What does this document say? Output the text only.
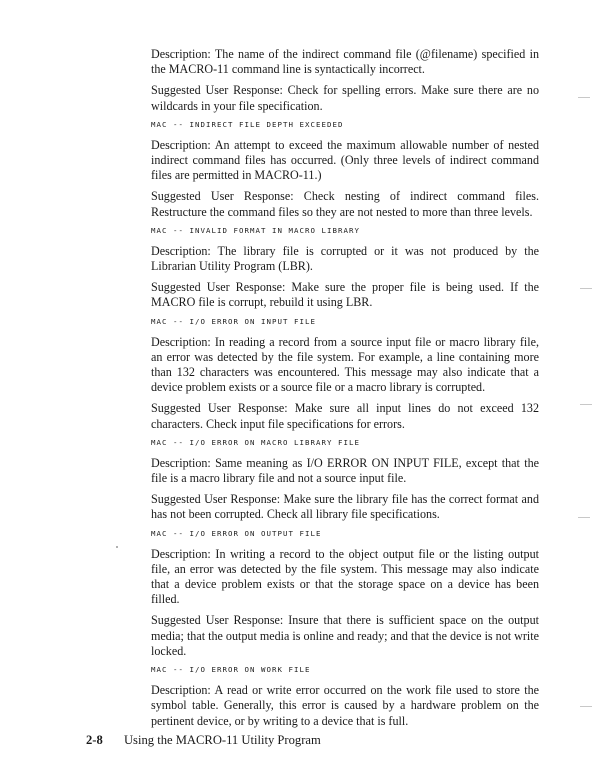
Description: The name of the indirect command file (@filename) specified in the MACRO-11 command line is syntactically incorrect.

Suggested User Response: Check for spelling errors. Make sure there are no wildcards in your file specification.

MAC -- INDIRECT FILE DEPTH EXCEEDED

Description: An attempt to exceed the maximum allowable number of nested indirect command files has occurred. (Only three levels of indirect command files are permitted in MACRO-11.)

Suggested User Response: Check nesting of indirect command files. Restructure the command files so they are not nested to more than three levels.

MAC -- INVALID FORMAT IN MACRO LIBRARY

Description: The library file is corrupted or it was not produced by the Librarian Utility Program (LBR).

Suggested User Response: Make sure the proper file is being used. If the MACRO file is corrupt, rebuild it using LBR.

MAC -- I/O ERROR ON INPUT FILE

Description: In reading a record from a source input file or macro library file, an error was detected by the file system. For example, a line containing more than 132 characters was encountered. This message may also indicate that a device problem exists or a source file or a macro library is corrupted.

Suggested User Response: Make sure all input lines do not exceed 132 characters. Check input file specifications for errors.

MAC -- I/O ERROR ON MACRO LIBRARY FILE

Description: Same meaning as I/O ERROR ON INPUT FILE, except that the file is a macro library file and not a source input file.

Suggested User Response: Make sure the library file has the correct format and has not been corrupted. Check all library file specifications.

MAC -- I/O ERROR ON OUTPUT FILE

Description: In writing a record to the object output file or the listing output file, an error was detected by the file system. This message may also indicate that a device problem exists or that the storage space on a device has been filled.

Suggested User Response: Insure that there is sufficient space on the output media; that the output media is online and ready; and that the device is not write locked.

MAC -- I/O ERROR ON WORK FILE

Description: A read or write error occurred on the work file used to store the symbol table. Generally, this error is caused by a hardware problem on the pertinent device, or by writing to a device that is full.

2-8 Using the MACRO-11 Utility Program
